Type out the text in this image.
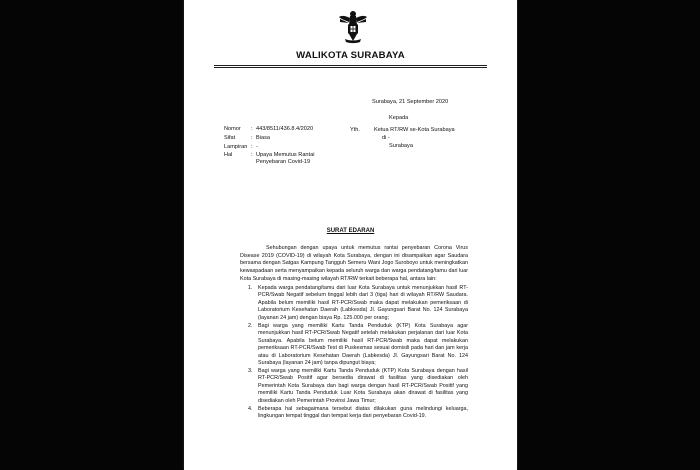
WALIKOTA SURABAYA
Surabaya, 21 September 2020
Nomor : 443/8511/436.8.4/2020
Sifat	: Biasa
Lampiran : -
Hal	: Upaya Memutus Rantai
Penyebaran Covid-19
Kepada
Yth.	Ketua RT/RW se-Kota Surabaya
di -
Surabaya
SURAT EDARAN
Sehubungan dengan upaya untuk memutus rantai penyebaran Corona Virus Disease 2019 (COVID-19) di wilayah Kota Surabaya, dengan ini disampaikan agar Saudara bersama dengan Satgas Kampung Tangguh Semeru Wani Jogo Suroboyo untuk meningkatkan kewaspadaan serta menyampaikan kepada seluruh warga dan warga pendatang/tamu dari luar Kota Surabaya di masing-masing wilayah RT/RW terkait beberapa hal, antara lain:
1. Kepada warga pendatang/tamu dari luar Kota Surabaya untuk menunjukkan hasil RT-PCR/Swab Negatif sebelum tinggal lebih dari 3 (tiga) hari di wilayah RT/RW Saudara. Apabila belum memiliki hasil RT-PCR/Swab maka dapat melakukan pemeriksaan di Laboratorium Kesehatan Daerah (Labkesda) Jl. Gayungsari Barat No. 124 Surabaya (layanan 24 jam) dengan biaya Rp. 125.000 per orang;
2. Bagi warga yang memiliki Kartu Tanda Penduduk (KTP) Kota Surabaya agar menunjukkan hasil RT-PCR/Swab Negatif setelah melakukan perjalanan dari luar Kota Surabaya. Apabila belum memiliki hasil RT-PCR/Swab maka dapat melakukan pemeriksaan RT-PCR/Swab Test di Puskesmas sesuai domisili pada hari dan jam kerja atau di Laboratorium Kesehatan Daerah (Labkesda) Jl. Gayungsari Barat No. 124 Surabaya (layanan 24 jam) tanpa dipungut biaya;
3. Bagi warga yang memiliki Kartu Tanda Penduduk (KTP) Kota Surabaya dengan hasil RT-PCR/Swab Positif agar bersedia dirawat di fasilitas yang disediakan oleh Pemerintah Kota Surabaya dan bagi warga dengan hasil RT-PCR/Swab Positif yang memiliki Kartu Tanda Penduduk Luar Kota Surabaya akan dirawat di fasilitas yang disediakan oleh Pemerintah Provinsi Jawa Timur;
4. Beberapa hal sebagaimana tersebut diatas dilakukan guna melindungi keluarga, lingkungan tempat tinggal dan tempat kerja dari penyebaran Covid-19.
